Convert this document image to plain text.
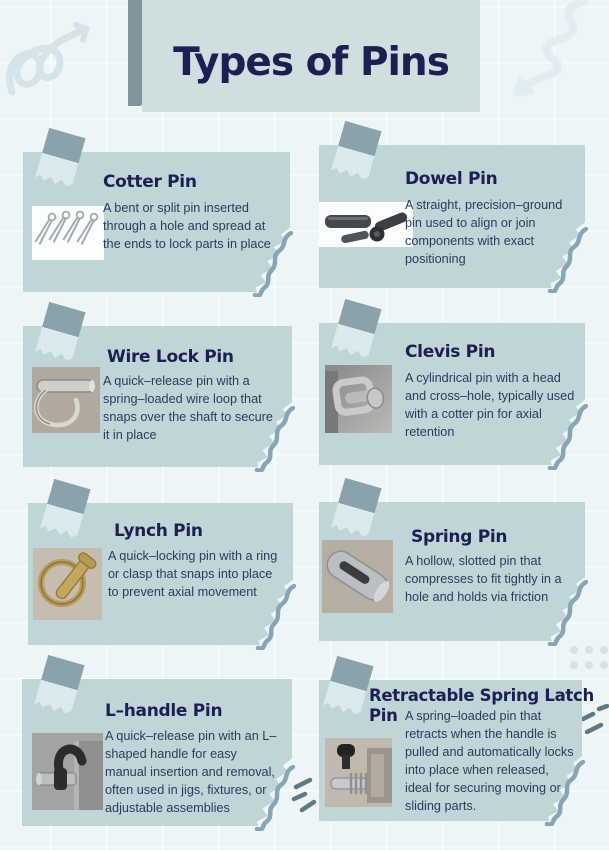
Types of Pins
Cotter Pin
A bent or split pin inserted through a hole and spread at the ends to lock parts in place
Dowel Pin
A straight, precision–ground pin used to align or join components with exact positioning
Wire Lock Pin
A quick–release pin with a spring–loaded wire loop that snaps over the shaft to secure it in place
Clevis Pin
A cylindrical pin with a head and cross–hole, typically used with a cotter pin for axial retention
Lynch Pin
A quick–locking pin with a ring or clasp that snaps into place to prevent axial movement
Spring Pin
A hollow, slotted pin that compresses to fit tightly in a hole and holds via friction
L–handle Pin
A quick–release pin with an L–shaped handle for easy manual insertion and removal, often used in jigs, fixtures, or adjustable assemblies
Retractable Spring Latch Pin A spring–loaded pin that retracts when the handle is pulled and automatically locks into place when released, ideal for securing moving or sliding parts.
